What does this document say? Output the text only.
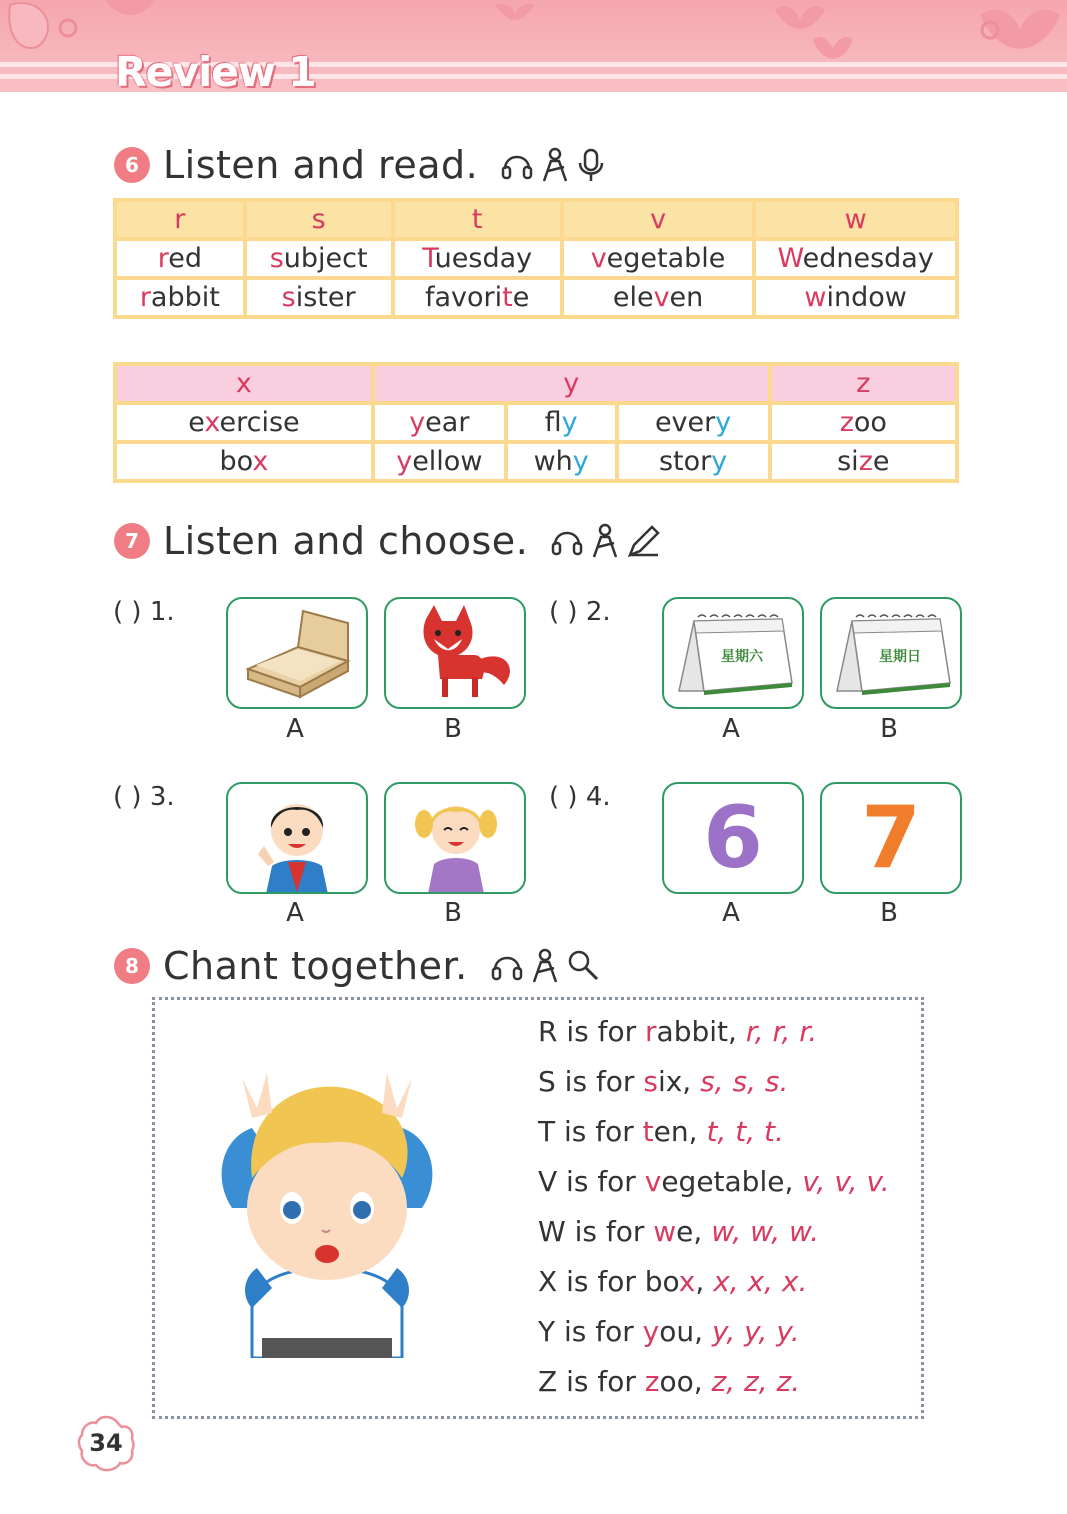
Review 1
6 Listen and read.
r	s	t	v	w
red	subject	Tuesday	vegetable	Wednesday
rabbit	sister	favorite	eleven	window
x	y			z
exercise	year	fly	every	zoo
box	yellow	why	story	size
7 Listen and choose.
( ) 1.
A	B
( ) 2.
星期六
A
星期日
B
( ) 3.
A	B
( ) 4.	6
A
7
B
8 Chant together.
R is for rabbit, r, r, r.
S is for six, s, s, s.
T is for ten, t, t, t.
V is for vegetable, v, v, v.
W is for we, w, w, w.
X is for box, x, x, x.
Y is for you, y, y, y.
Z is for zoo, z, z, z.
34
